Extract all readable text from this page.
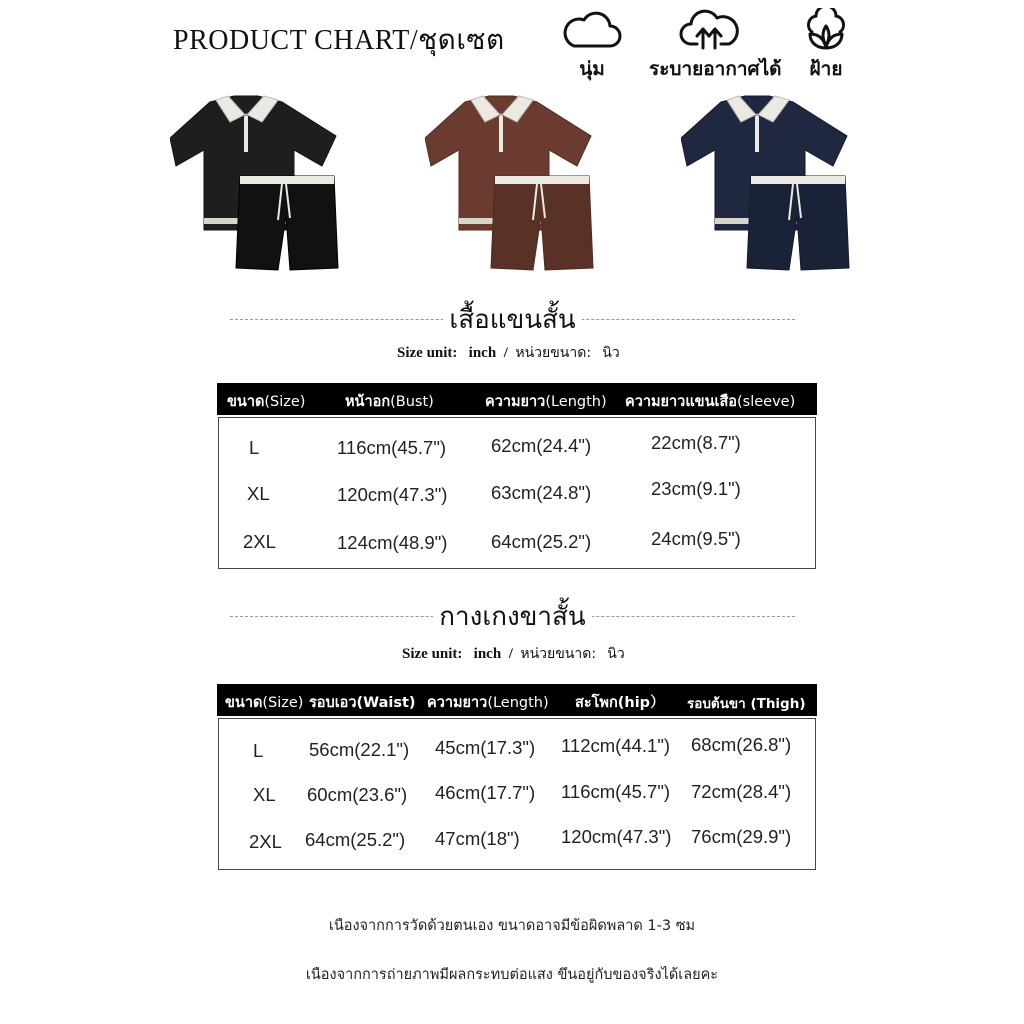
PRODUCT CHART/ชุดเซต
นุ่ม	ระบายอากาศได้	ฝ้าย
เสื้อแขนสั้น
Size unit: inch / หน่วยขนาด: นิว
ขนาด(Size)	หน้าอก(Bust)	ความยาว(Length) ความยาวแขนเสือ(sleeve)
L	116cm(45.7") 62cm(24.4")	22cm(8.7")
XL	120cm(47.3") 63cm(24.8")	23cm(9.1")
2XL	124cm(48.9") 64cm(25.2")	24cm(9.5")
กางเกงขาสั้น
Size unit: inch / หน่วยขนาด: นิว
ขนาด(Size) รอบเอว(Waist) ความยาว(Length) สะโพก(hip） รอบต้นขา (Thigh)
L 56cm(22.1") 45cm(17.3") 112cm(44.1") 68cm(26.8")
XL 60cm(23.6") 46cm(17.7") 116cm(45.7") 72cm(28.4")
2XL 64cm(25.2") 47cm(18") 120cm(47.3") 76cm(29.9")
เนืองจากการวัดด้วยตนเอง ขนาดอาจมีข้อผิดพลาด 1-3 ซม
เนืองจากการถ่ายภาพมีผลกระทบต่อแสง ขึนอยู่กับของจริงได้เลยคะ
